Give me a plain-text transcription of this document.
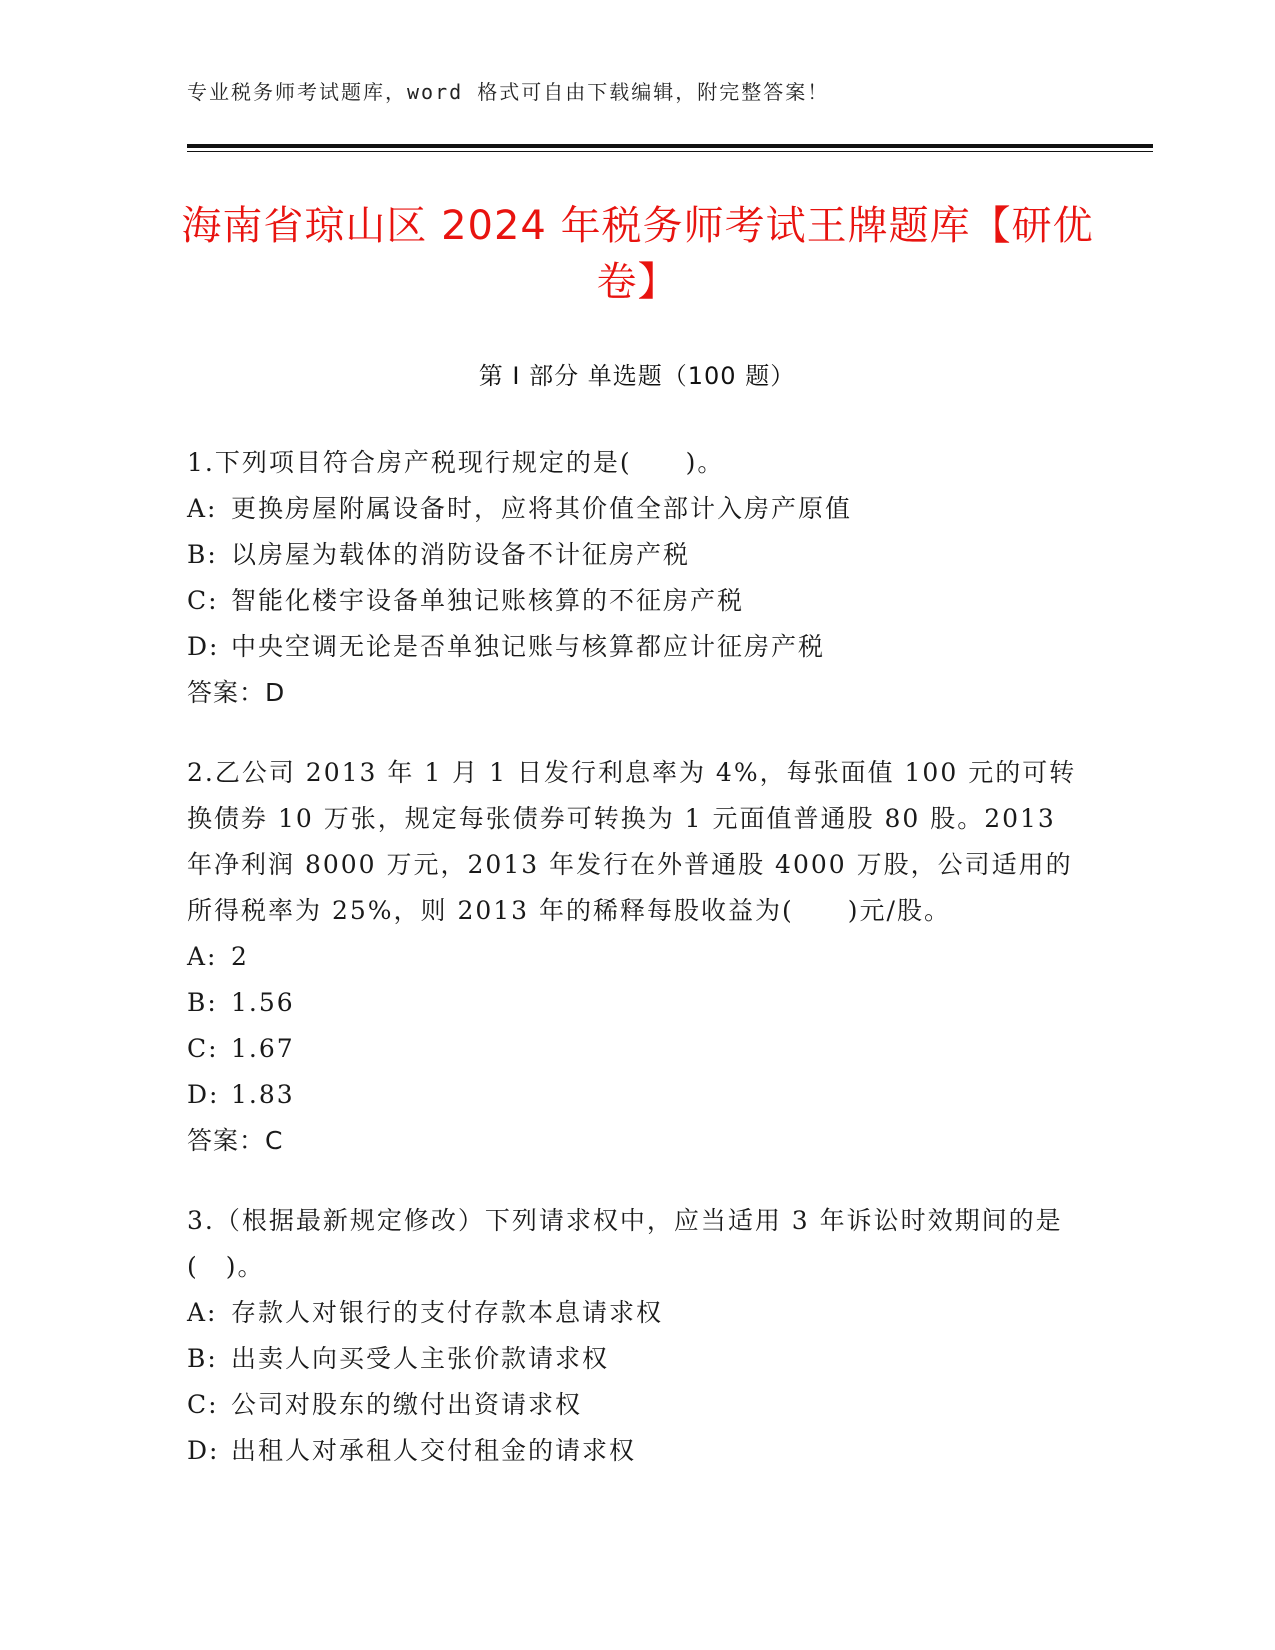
专业税务师考试题库，word 格式可自由下载编辑，附完整答案！
海南省琼山区 2024 年税务师考试王牌题库【研优卷】
第 I 部分 单选题（100 题）

1.下列项目符合房产税现行规定的是(　　)。

A: 更换房屋附属设备时，应将其价值全部计入房产原值

B: 以房屋为载体的消防设备不计征房产税

C: 智能化楼宇设备单独记账核算的不征房产税

D: 中央空调无论是否单独记账与核算都应计征房产税

答案：D

2.乙公司 2013 年 1 月 1 日发行利息率为 4%，每张面值 100 元的可转换债券 10 万张，规定每张债券可转换为 1 元面值普通股 80 股。2013 年净利润 8000 万元，2013 年发行在外普通股 4000 万股，公司适用的所得税率为 25%，则 2013 年的稀释每股收益为(　　)元/股。

A: 2

B: 1.56

C: 1.67

D: 1.83

答案：C

3.（根据最新规定修改）下列请求权中，应当适用 3 年诉讼时效期间的是(　)。

A: 存款人对银行的支付存款本息请求权

B: 出卖人向买受人主张价款请求权

C: 公司对股东的缴付出资请求权

D: 出租人对承租人交付租金的请求权
